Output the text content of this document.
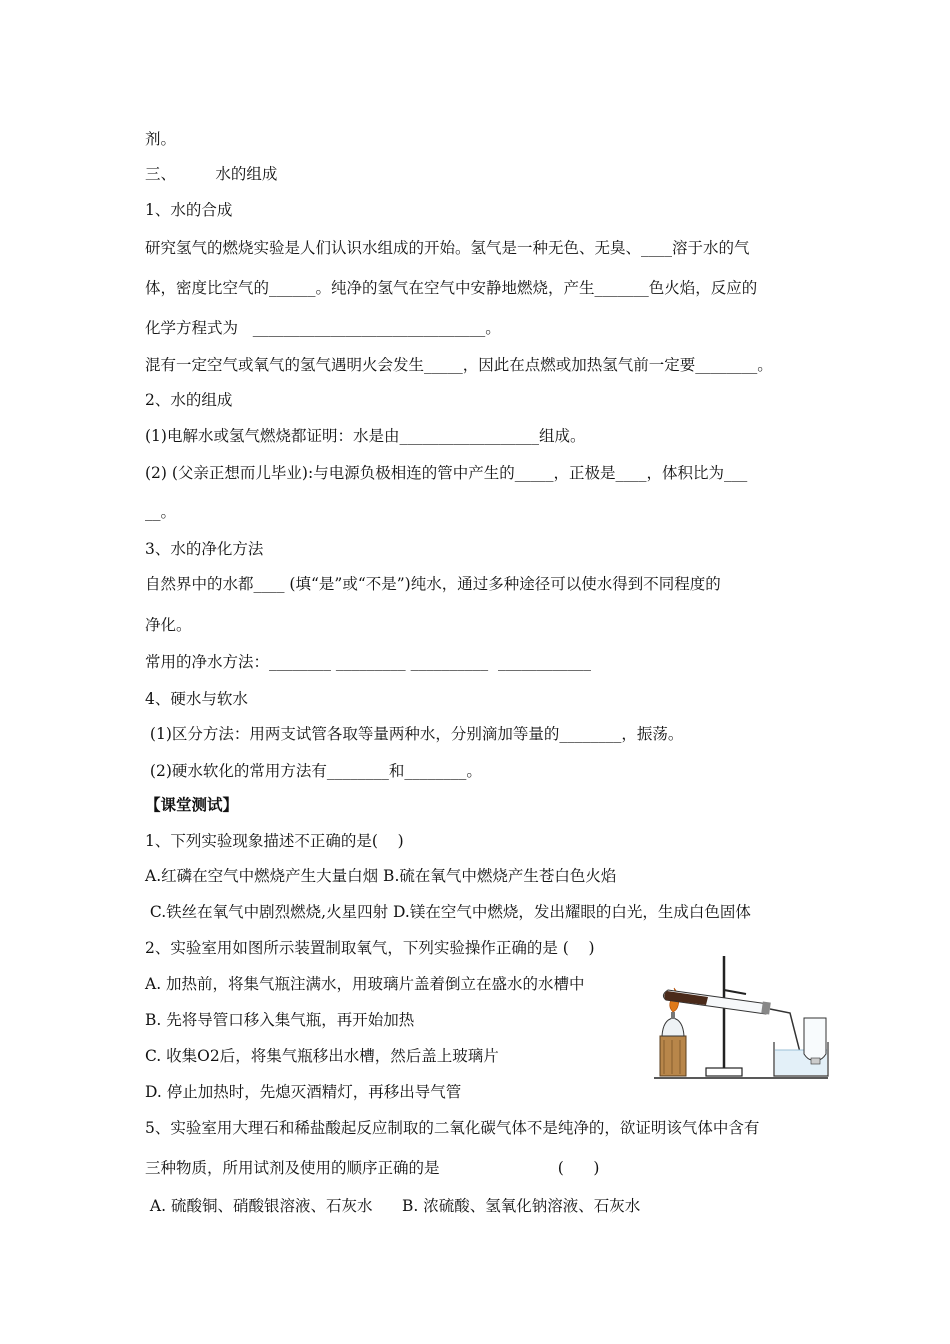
剂。
三、        水的组成
1、水的合成
研究氢气的燃烧实验是人们认识水组成的开始。氢气是一种无色、无臭、____溶于水的气
体，密度比空气的______。纯净的氢气在空气中安静地燃烧，产生_______色火焰，反应的
化学方程式为   ______________________________。
混有一定空气或氧气的氢气遇明火会发生_____，因此在点燃或加热氢气前一定要________。
2、水的组成
(1)电解水或氢气燃烧都证明：水是由__________________组成。
(2) (父亲正想而儿毕业):与电源负极相连的管中产生的_____，正极是____，体积比为___
__。
3、水的净化方法
自然界中的水都____ (填“是”或“不是”)纯水，通过多种途径可以使水得到不同程度的
净化。
常用的净水方法：________ _________ __________  ____________
4、硬水与软水
(1)区分方法：用两支试管各取等量两种水，分别滴加等量的________，振荡。
(2)硬水软化的常用方法有________和________。
【课堂测试】
1、下列实验现象描述不正确的是(    )
A.红磷在空气中燃烧产生大量白烟 B.硫在氧气中燃烧产生苍白色火焰
C.铁丝在氧气中剧烈燃烧,火星四射 D.镁在空气中燃烧，发出耀眼的白光，生成白色固体
2、实验室用如图所示装置制取氧气，下列实验操作正确的是 (    )
A. 加热前，将集气瓶注满水，用玻璃片盖着倒立在盛水的水槽中
B. 先将导管口移入集气瓶，再开始加热
C. 收集O2后，将集气瓶移出水槽，然后盖上玻璃片
D. 停止加热时，先熄灭酒精灯，再移出导气管
5、实验室用大理石和稀盐酸起反应制取的二氧化碳气体不是纯净的，欲证明该气体中含有
三种物质，所用试剂及使用的顺序正确的是                        (      )
A. 硫酸铜、硝酸银溶液、石灰水      B. 浓硫酸、氢氧化钠溶液、石灰水
